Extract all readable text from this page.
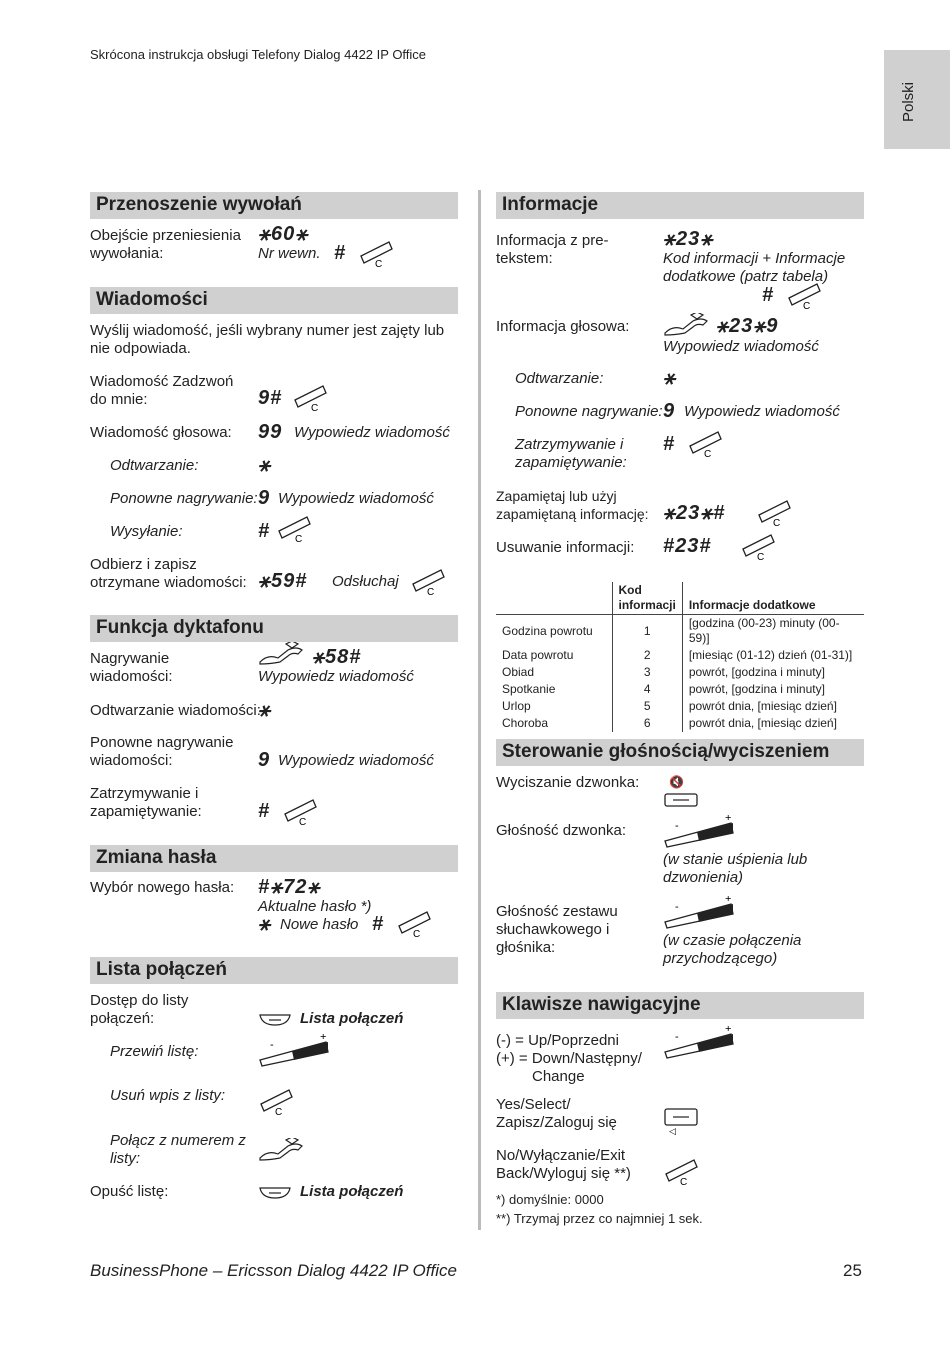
Skrócona instrukcja obsługi Telefony Dialog 4422 IP Office
Polski
Przenoszenie wywołań
Obejście przeniesienia wywołania:
⚹60⚹
Nr wewn. #
C
Wiadomości
Wyślij wiadomość, jeśli wybrany numer jest zajęty lub nie odpowiada.
Wiadomość Zadzwoń do mnie:	9#	C
Wiadomość głosowa: 99 Wypowiedz wiadomość
Odtwarzanie:	⚹
Ponowne nagrywanie: 9 Wypowiedz wiadomość
Wysyłanie:	# C
Odbierz i zapisz otrzymane wiadomości: ⚹59# Odsłuchaj
C
Funkcja dyktafonu
Nagrywanie wiadomości:
⚹58#
Wypowiedz wiadomość
Odtwarzanie wiadomości:
⚹
Ponowne nagrywanie wiadomości:	9 Wypowiedz wiadomość
Zatrzymywanie i zapamiętywanie:	#
C
Zmiana hasła
Wybór nowego hasła: #⚹72⚹
Aktualne hasło *)
⚹ Nowe hasło #	C
Lista połączeń
Dostęp do listy połączeń:	Lista połączeń
Przewiń listę:	-
+
Usuń wpis z listy:
C
Połącz z numerem z listy:
Opuść listę:	Lista połączeń
Informacje
Informacja z pre-tekstem:
⚹23⚹
Kod informacji + Informacje dodatkowe (patrz tabela)
#
C
Informacja głosowa:	⚹23⚹9
Wypowiedz wiadomość
Odtwarzanie:	⚹
Ponowne nagrywanie: 9 Wypowiedz wiadomość
Zatrzymywanie i zapamiętywanie:
#	C
Zapamiętaj lub użyj zapamiętaną informację: ⚹23⚹#	C
Usuwanie informacji: #23#
C
	Kod informacji	Informacje dodatkowe
Godzina powrotu	1	[godzina (00-23) minuty (00-59)]
Data powrotu	2	[miesiąc (01-12) dzień (01-31)]
Obiad	3	powrót, [godzina i minuty]
Spotkanie	4	powrót, [godzina i minuty]
Urlop	5	powrót dnia, [miesiąc dzień]
Choroba	6	powrót dnia, [miesiąc dzień]
Sterowanie głośnością/wyciszeniem
Wyciszanie dzwonka: 🔇
Głośność dzwonka:	-
+
(w stanie uśpienia lub dzwonienia)
Głośność zestawu słuchawkowego i głośnika:
-
+
(w czasie połączenia przychodzącego)
Klawisze nawigacyjne
(-) = Up/Poprzedni
(+) = Down/Następny/
Change
-
+
Yes/Select/ Zapisz/Zaloguj się
◁
No/Wyłączanie/Exit Back/Wyloguj się **)
C
*) domyślnie: 0000
**) Trzymaj przez co najmniej 1 sek.
BusinessPhone – Ericsson Dialog 4422 IP Office	25
